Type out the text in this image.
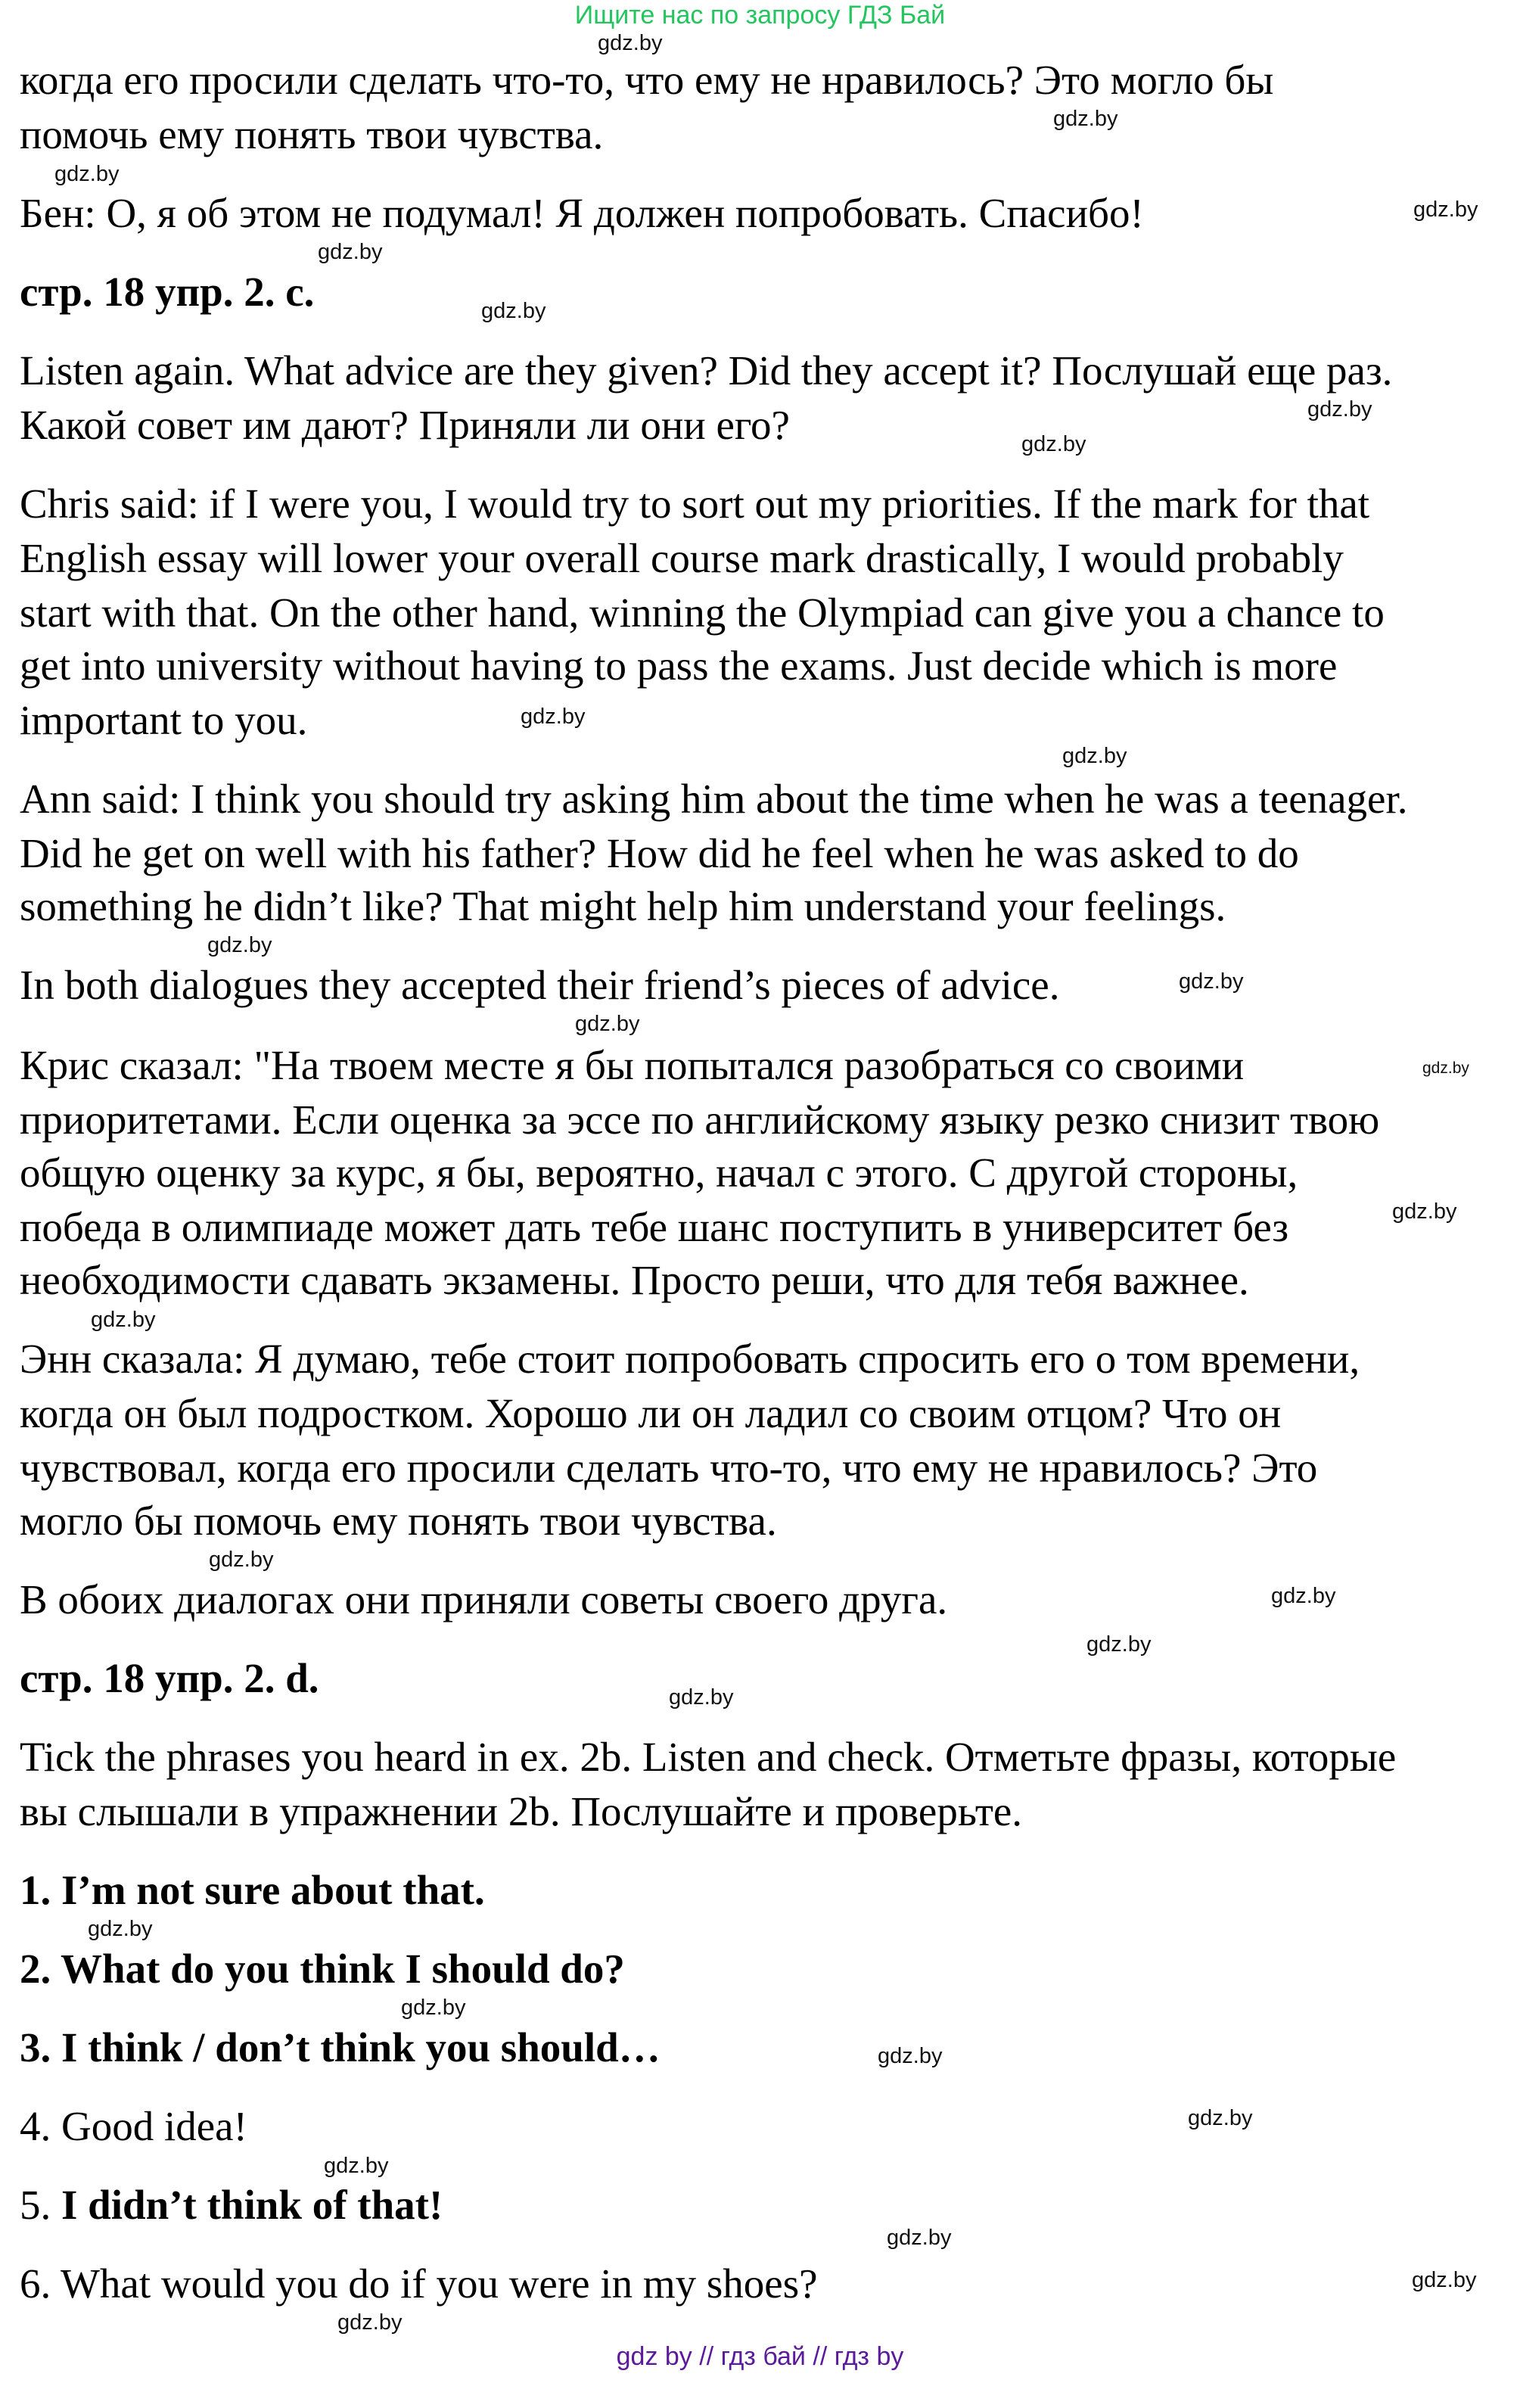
Ищите нас по запросу ГДЗ Бай
когда его просили сделать что-то, что ему не нравилось? Это могло бы
помочь ему понять твои чувства.
Бен: О, я об этом не подумал! Я должен попробовать. Спасибо!
стр. 18 упр. 2. c.
Listen again. What advice are they given? Did they accept it? Послушай еще раз.
Какой совет им дают? Приняли ли они его?
Chris said: if I were you, I would try to sort out my priorities. If the mark for that
English essay will lower your overall course mark drastically, I would probably
start with that. On the other hand, winning the Olympiad can give you a chance to
get into university without having to pass the exams. Just decide which is more
important to you.
Ann said: I think you should try asking him about the time when he was a teenager.
Did he get on well with his father? How did he feel when he was asked to do
something he didn’t like? That might help him understand your feelings.
In both dialogues they accepted their friend’s pieces of advice.
Крис сказал: "На твоем месте я бы попытался разобраться со своими
приоритетами. Если оценка за эссе по английскому языку резко снизит твою
общую оценку за курс, я бы, вероятно, начал с этого. С другой стороны,
победа в олимпиаде может дать тебе шанс поступить в университет без
необходимости сдавать экзамены. Просто реши, что для тебя важнее.
Энн сказала: Я думаю, тебе стоит попробовать спросить его о том времени,
когда он был подростком. Хорошо ли он ладил со своим отцом? Что он
чувствовал, когда его просили сделать что-то, что ему не нравилось? Это
могло бы помочь ему понять твои чувства.
В обоих диалогах они приняли советы своего друга.
стр. 18 упр. 2. d.
Tick the phrases you heard in ex. 2b. Listen and check. Отметьте фразы, которые
вы слышали в упражнении 2b. Послушайте и проверьте.
1. I’m not sure about that.
2. What do you think I should do?
3. I think / don’t think you should…
4. Good idea!
5. I didn’t think of that!
6. What would you do if you were in my shoes?
gdz.by
gdz.by
gdz.by
gdz.by
gdz.by
gdz.by
gdz.by
gdz.by
gdz.by
gdz.by
gdz.by
gdz.by
gdz.by
gdz.by
gdz.by
gdz.by
gdz.by
gdz.by
gdz.by
gdz.by
gdz.by
gdz.by
gdz.by
gdz.by
gdz.by
gdz.by
gdz.by
gdz.by
gdz by // гдз бай // гдз by
